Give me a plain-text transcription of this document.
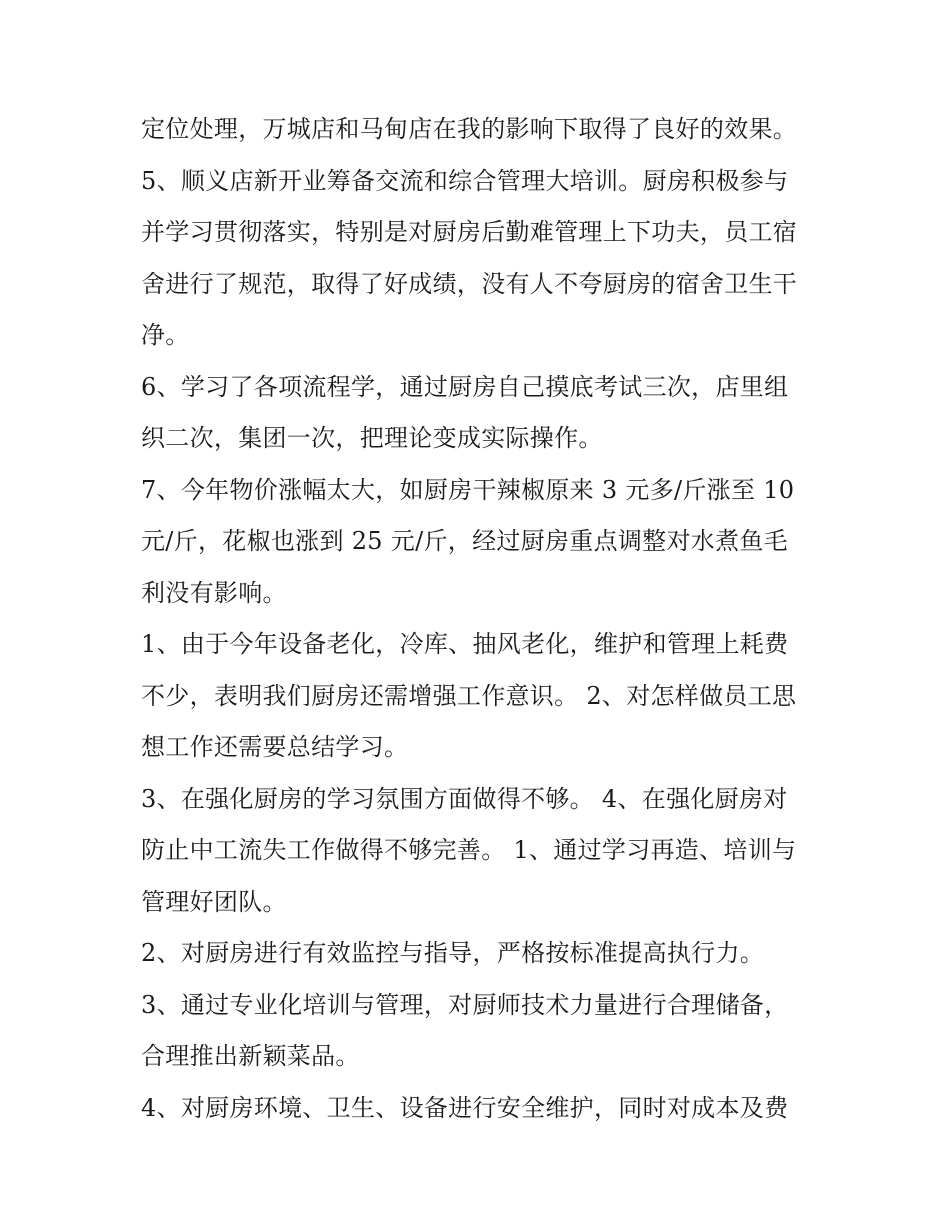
定位处理，万城店和马甸店在我的影响下取得了良好的效果。
5、顺义店新开业筹备交流和综合管理大培训。厨房积极参与
并学习贯彻落实，特别是对厨房后勤难管理上下功夫，员工宿
舍进行了规范，取得了好成绩，没有人不夸厨房的宿舍卫生干
净。
6、学习了各项流程学，通过厨房自己摸底考试三次，店里组
织二次，集团一次，把理论变成实际操作。
7、今年物价涨幅太大，如厨房干辣椒原来 3 元多/斤涨至 10
元/斤，花椒也涨到 25 元/斤，经过厨房重点调整对水煮鱼毛
利没有影响。
1、由于今年设备老化，冷库、抽风老化，维护和管理上耗费
不少，表明我们厨房还需增强工作意识。 2、对怎样做员工思
想工作还需要总结学习。
3、在强化厨房的学习氛围方面做得不够。 4、在强化厨房对
防止中工流失工作做得不够完善。 1、通过学习再造、培训与
管理好团队。
2、对厨房进行有效监控与指导，严格按标准提高执行力。
3、通过专业化培训与管理，对厨师技术力量进行合理储备，
合理推出新颖菜品。
4、对厨房环境、卫生、设备进行安全维护，同时对成本及费
